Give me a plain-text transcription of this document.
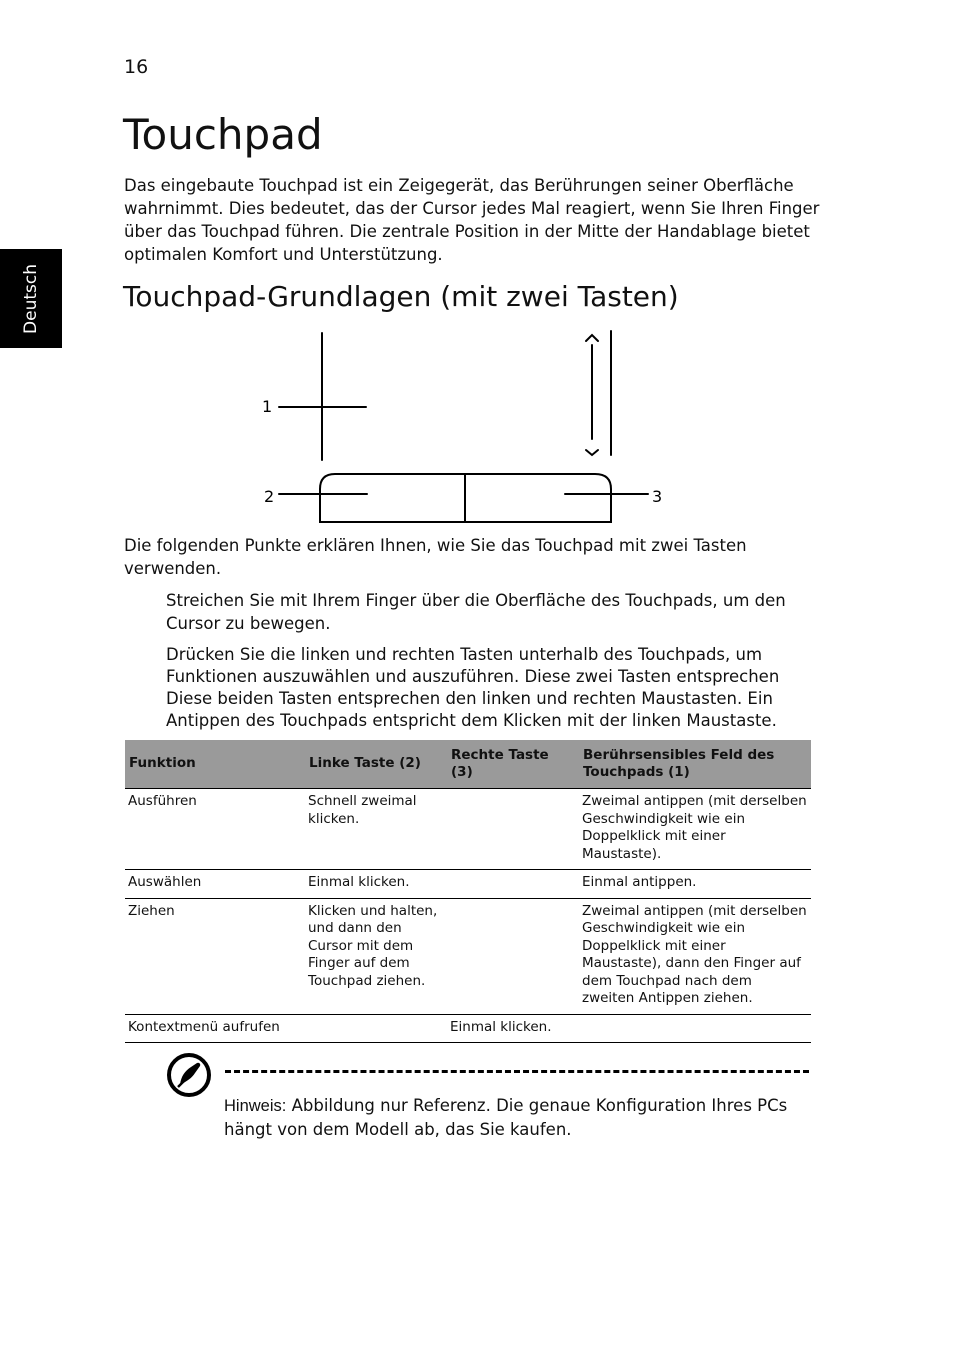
16
Deutsch
Touchpad

Das eingebaute Touchpad ist ein Zeigegerät, das Berührungen seiner Oberfläche wahrnimmt. Dies bedeutet, das der Cursor jedes Mal reagiert, wenn Sie Ihren Finger über das Touchpad führen. Die zentrale Position in der Mitte der Handablage bietet optimalen Komfort und Unterstützung.

Touchpad-Grundlagen (mit zwei Tasten)
1
2	3

Die folgenden Punkte erklären Ihnen, wie Sie das Touchpad mit zwei Tasten verwenden.

Streichen Sie mit Ihrem Finger über die Oberfläche des Touchpads, um den Cursor zu bewegen.

Drücken Sie die linken und rechten Tasten unterhalb des Touchpads, um Funktionen auszuwählen und auszuführen. Diese zwei Tasten entsprechen Diese beiden Tasten entsprechen den linken und rechten Maustasten. Ein Antippen des Touchpads entspricht dem Klicken mit der linken Maustaste.

Funktion	Linke Taste (2)	Rechte Taste (3)	Berührsensibles Feld des Touchpads (1)
Ausführen	Schnell zweimal klicken.		Zweimal antippen (mit derselben Geschwindigkeit wie ein Doppelklick mit einer Maustaste).
Auswählen	Einmal klicken.		Einmal antippen.
Ziehen	Klicken und halten, und dann den Cursor mit dem Finger auf dem Touchpad ziehen.		Zweimal antippen (mit derselben Geschwindigkeit wie ein Doppelklick mit einer Maustaste), dann den Finger auf dem Touchpad nach dem zweiten Antippen ziehen.
Kontextmenü aufrufen		Einmal klicken.	

Hinweis: Abbildung nur Referenz. Die genaue Konfiguration Ihres PCs hängt von dem Modell ab, das Sie kaufen.
